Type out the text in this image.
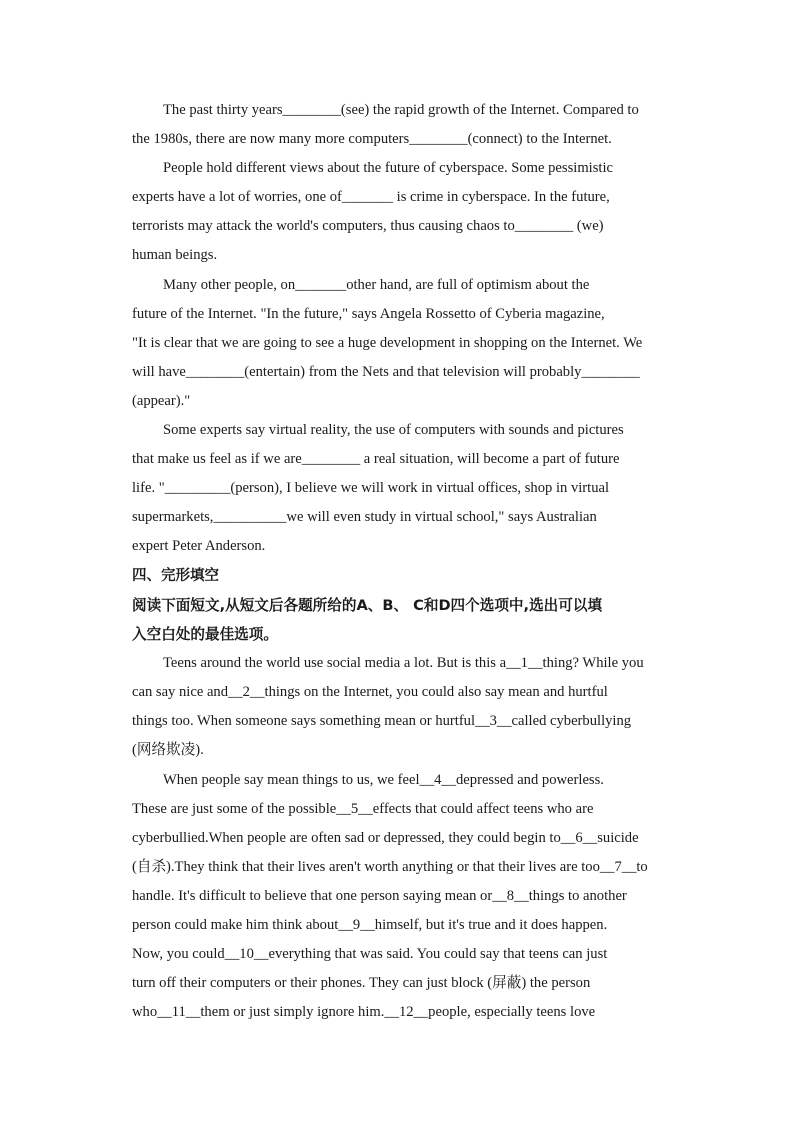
The past thirty years________(see) the rapid growth of the Internet. Compared to
the 1980s, there are now many more computers________(connect) to the Internet.

People hold different views about the future of cyberspace. Some pessimistic
experts have a lot of worries, one of_______ is crime in cyberspace. In the future,
terrorists may attack the world's computers, thus causing chaos to________ (we)
human beings.

Many other people, on_______other hand, are full of optimism about the
future of the Internet. "In the future," says Angela Rossetto of Cyberia magazine,
"It is clear that we are going to see a huge development in shopping on the Internet. We
will have________(entertain) from the Nets and that television will probably________
(appear)."

Some experts say virtual reality, the use of computers with sounds and pictures
that make us feel as if we are________ a real situation, will become a part of future
life. "_________(person), I believe we will work in virtual offices, shop in virtual
supermarkets,__________we will even study in virtual school," says Australian
expert Peter Anderson.

四、完形填空

阅读下面短文,从短文后各题所给的A、B、 C和D四个选项中,选出可以填
入空白处的最佳选项。

Teens around the world use social media a lot. But is this a__1__thing? While you
can say nice and__2__things on the Internet, you could also say mean and hurtful
things too. When someone says something mean or hurtful__3__called cyberbullying
(网络欺凌).

When people say mean things to us, we feel__4__depressed and powerless.
These are just some of the possible__5__effects that could affect teens who are
cyberbullied.When people are often sad or depressed, they could begin to__6__suicide
(自杀).They think that their lives aren't worth anything or that their lives are too__7__to
handle. It's difficult to believe that one person saying mean or__8__things to another
person could make him think about__9__himself, but it's true and it does happen.
Now, you could__10__everything that was said. You could say that teens can just
turn off their computers or their phones. They can just block (屏蔽) the person
who__11__them or just simply ignore him.__12__people, especially teens love
